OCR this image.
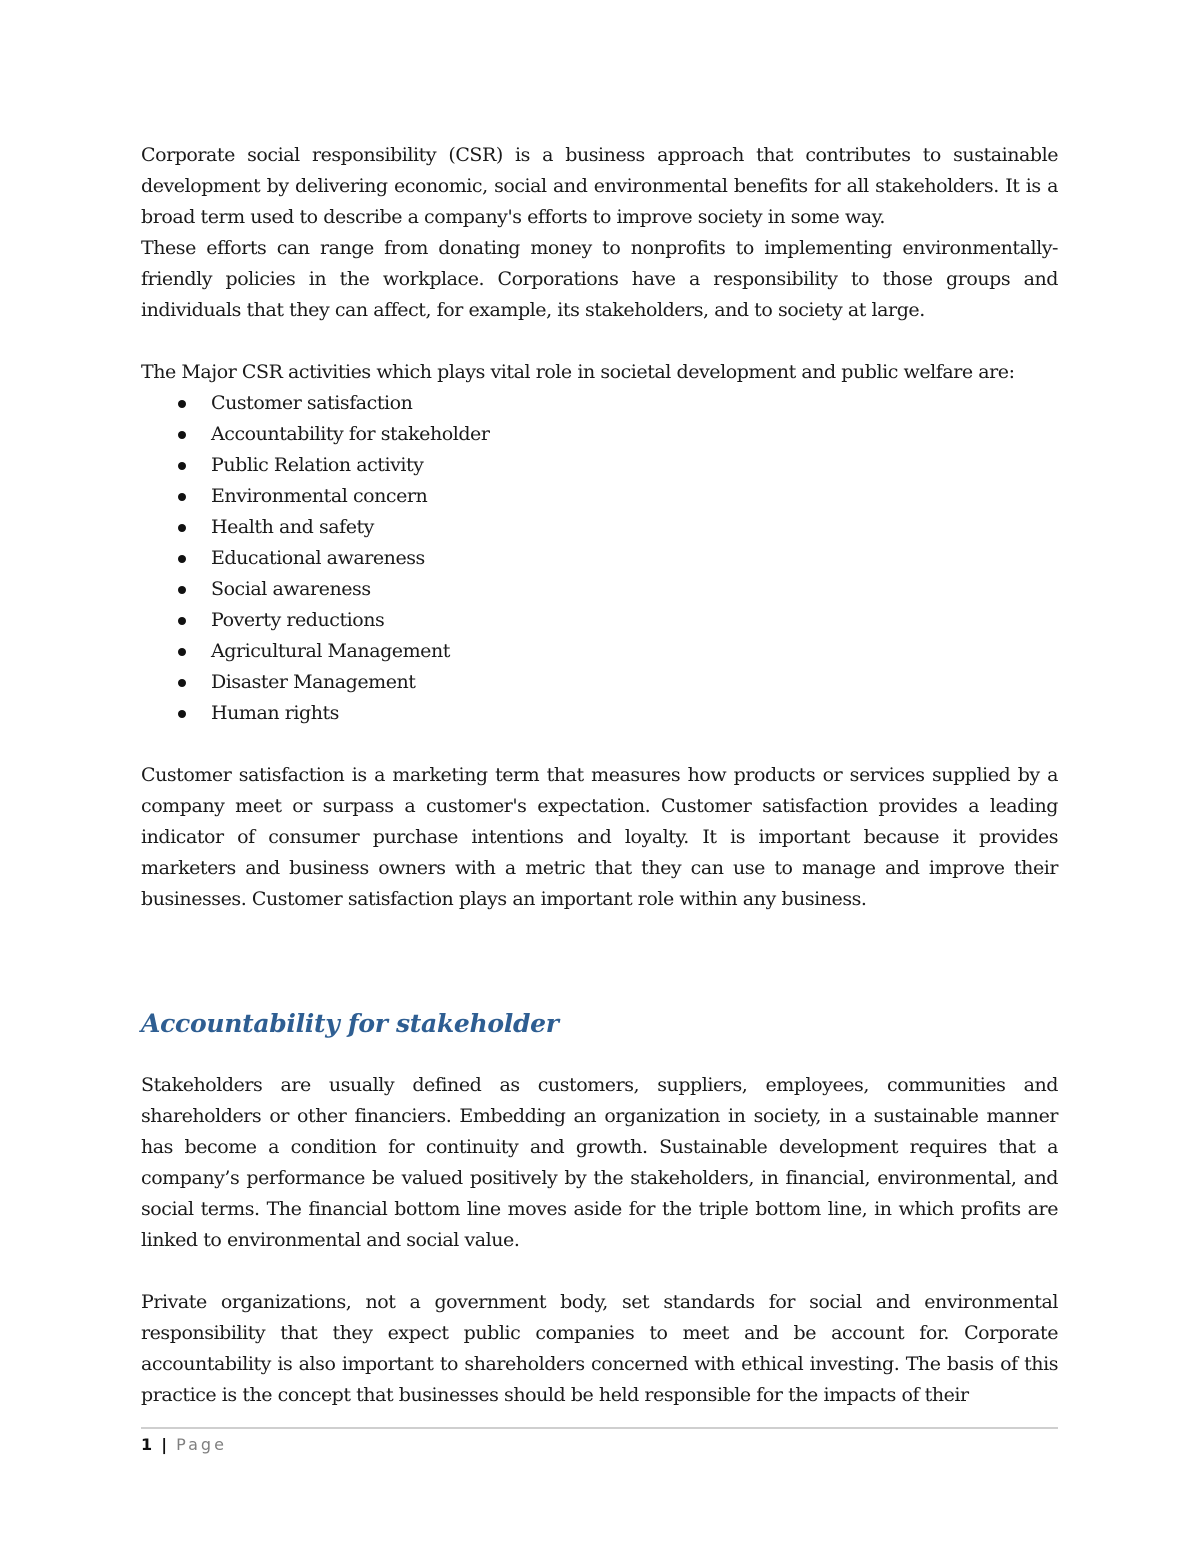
Corporate social responsibility (CSR) is a business approach that contributes to sustainable development by delivering economic, social and environmental benefits for all stakeholders. It is a broad term used to describe a company's efforts to improve society in some way.

These efforts can range from donating money to nonprofits to implementing environmentally-friendly policies in the workplace. Corporations have a responsibility to those groups and individuals that they can affect, for example, its stakeholders, and to society at large.

The Major CSR activities which plays vital role in societal development and public welfare are:

Customer satisfaction
Accountability for stakeholder
Public Relation activity
Environmental concern
Health and safety
Educational awareness
Social awareness
Poverty reductions
Agricultural Management
Disaster Management
Human rights

Customer satisfaction is a marketing term that measures how products or services supplied by a company meet or surpass a customer's expectation. Customer satisfaction provides a leading indicator of consumer purchase intentions and loyalty. It is important because it provides marketers and business owners with a metric that they can use to manage and improve their businesses. Customer satisfaction plays an important role within any business.

Accountability for stakeholder

Stakeholders are usually defined as customers, suppliers, employees, communities and shareholders or other financiers. Embedding an organization in society, in a sustainable manner has become a condition for continuity and growth. Sustainable development requires that a company’s performance be valued positively by the stakeholders, in financial, environmental, and social terms. The financial bottom line moves aside for the triple bottom line, in which profits are linked to environmental and social value.

Private organizations, not a government body, set standards for social and environmental responsibility that they expect public companies to meet and be account for. Corporate accountability is also important to shareholders concerned with ethical investing. The basis of this practice is the concept that businesses should be held responsible for the impacts of their

1 | Page
